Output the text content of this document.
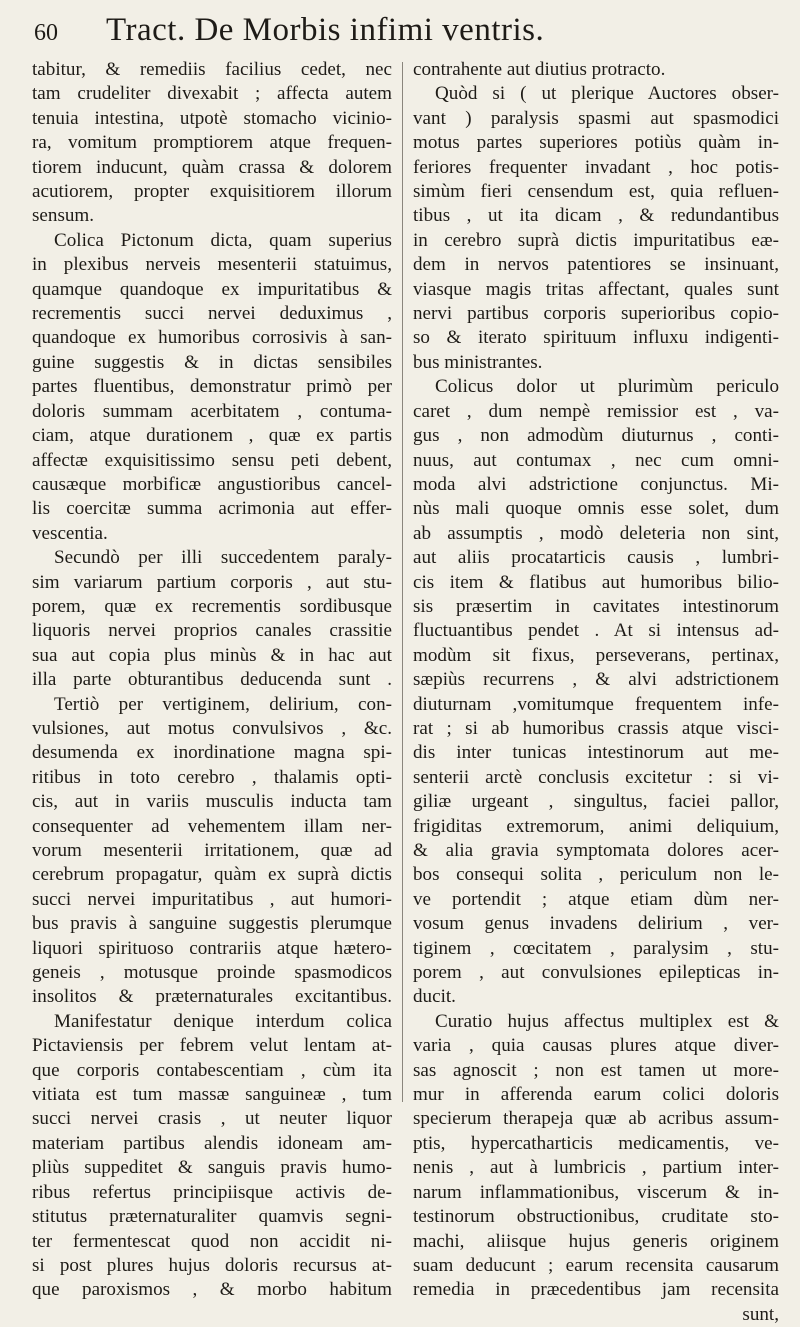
60 Tract. De Morbis infimi ventris.
tabitur, & remediis facilius cedet, nec
tam crudeliter divexabit ; affecta autem
tenuia intestina, utpotè stomacho vicinio-
ra, vomitum promptiorem atque frequen-
tiorem inducunt, quàm crassa & dolorem
acutiorem, propter exquisitiorem illorum
sensum.
Colica Pictonum dicta, quam superius
in plexibus nerveis mesenterii statuimus,
quamque quandoque ex impuritatibus &
recrementis succi nervei deduximus ,
quandoque ex humoribus corrosivis à san-
guine suggestis & in dictas sensibiles
partes fluentibus, demonstratur primò per
doloris summam acerbitatem , contuma-
ciam, atque durationem , quæ ex partis
affectæ exquisitissimo sensu peti debent,
causæque morbificæ angustioribus cancel-
lis coercitæ summa acrimonia aut effer-
vescentia.
Secundò per illi succedentem paraly-
sim variarum partium corporis , aut stu-
porem, quæ ex recrementis sordibusque
liquoris nervei proprios canales crassitie
sua aut copia plus minùs & in hac aut
illa parte obturantibus deducenda sunt .
Tertiò per vertiginem, delirium, con-
vulsiones, aut motus convulsivos , &c.
desumenda ex inordinatione magna spi-
ritibus in toto cerebro , thalamis opti-
cis, aut in variis musculis inducta tam
consequenter ad vehementem illam ner-
vorum mesenterii irritationem, quæ ad
cerebrum propagatur, quàm ex suprà dictis
succi nervei impuritatibus , aut humori-
bus pravis à sanguine suggestis plerumque
liquori spirituoso contrariis atque hætero-
geneis , motusque proinde spasmodicos
insolitos & præternaturales excitantibus.
Manifestatur denique interdum colica
Pictaviensis per febrem velut lentam at-
que corporis contabescentiam , cùm ita
vitiata est tum massæ sanguineæ , tum
succi nervei crasis , ut neuter liquor
materiam partibus alendis idoneam am-
pliùs suppeditet & sanguis pravis humo-
ribus refertus principiisque activis de-
stitutus præternaturaliter quamvis segni-
ter fermentescat quod non accidit ni-
si post plures hujus doloris recursus at-
que paroxismos , & morbo habitum
contrahente aut diutius protracto.
Quòd si ( ut plerique Auctores obser-
vant ) paralysis spasmi aut spasmodici
motus partes superiores potiùs quàm in-
feriores frequenter invadant , hoc potis-
simùm fieri censendum est, quia refluen-
tibus , ut ita dicam , & redundantibus
in cerebro suprà dictis impuritatibus eæ-
dem in nervos patentiores se insinuant,
viasque magis tritas affectant, quales sunt
nervi partibus corporis superioribus copio-
so & iterato spirituum influxu indigenti-
bus ministrantes.
Colicus dolor ut plurimùm periculo
caret , dum nempè remissior est , va-
gus , non admodùm diuturnus , conti-
nuus, aut contumax , nec cum omni-
moda alvi adstrictione conjunctus. Mi-
nùs mali quoque omnis esse solet, dum
ab assumptis , modò deleteria non sint,
aut aliis procatarticis causis , lumbri-
cis item & flatibus aut humoribus bilio-
sis præsertim in cavitates intestinorum
fluctuantibus pendet . At si intensus ad-
modùm sit fixus, perseverans, pertinax,
sæpiùs recurrens , & alvi adstrictionem
diuturnam ,vomitumque frequentem infe-
rat ; si ab humoribus crassis atque visci-
dis inter tunicas intestinorum aut me-
senterii arctè conclusis excitetur : si vi-
giliæ urgeant , singultus, faciei pallor,
frigiditas extremorum, animi deliquium,
& alia gravia symptomata dolores acer-
bos consequi solita , periculum non le-
ve portendit ; atque etiam dùm ner-
vosum genus invadens delirium , ver-
tiginem , cœcitatem , paralysim , stu-
porem , aut convulsiones epilepticas in-
ducit.
Curatio hujus affectus multiplex est &
varia , quia causas plures atque diver-
sas agnoscit ; non est tamen ut more-
mur in afferenda earum colici doloris
specierum therapeja quæ ab acribus assum-
ptis, hypercatharticis medicamentis, ve-
nenis , aut à lumbricis , partium inter-
narum inflammationibus, viscerum & in-
testinorum obstructionibus, cruditate sto-
machi, aliisque hujus generis originem
suam deducunt ; earum recensita causarum
remedia in præcedentibus jam recensita
sunt,
